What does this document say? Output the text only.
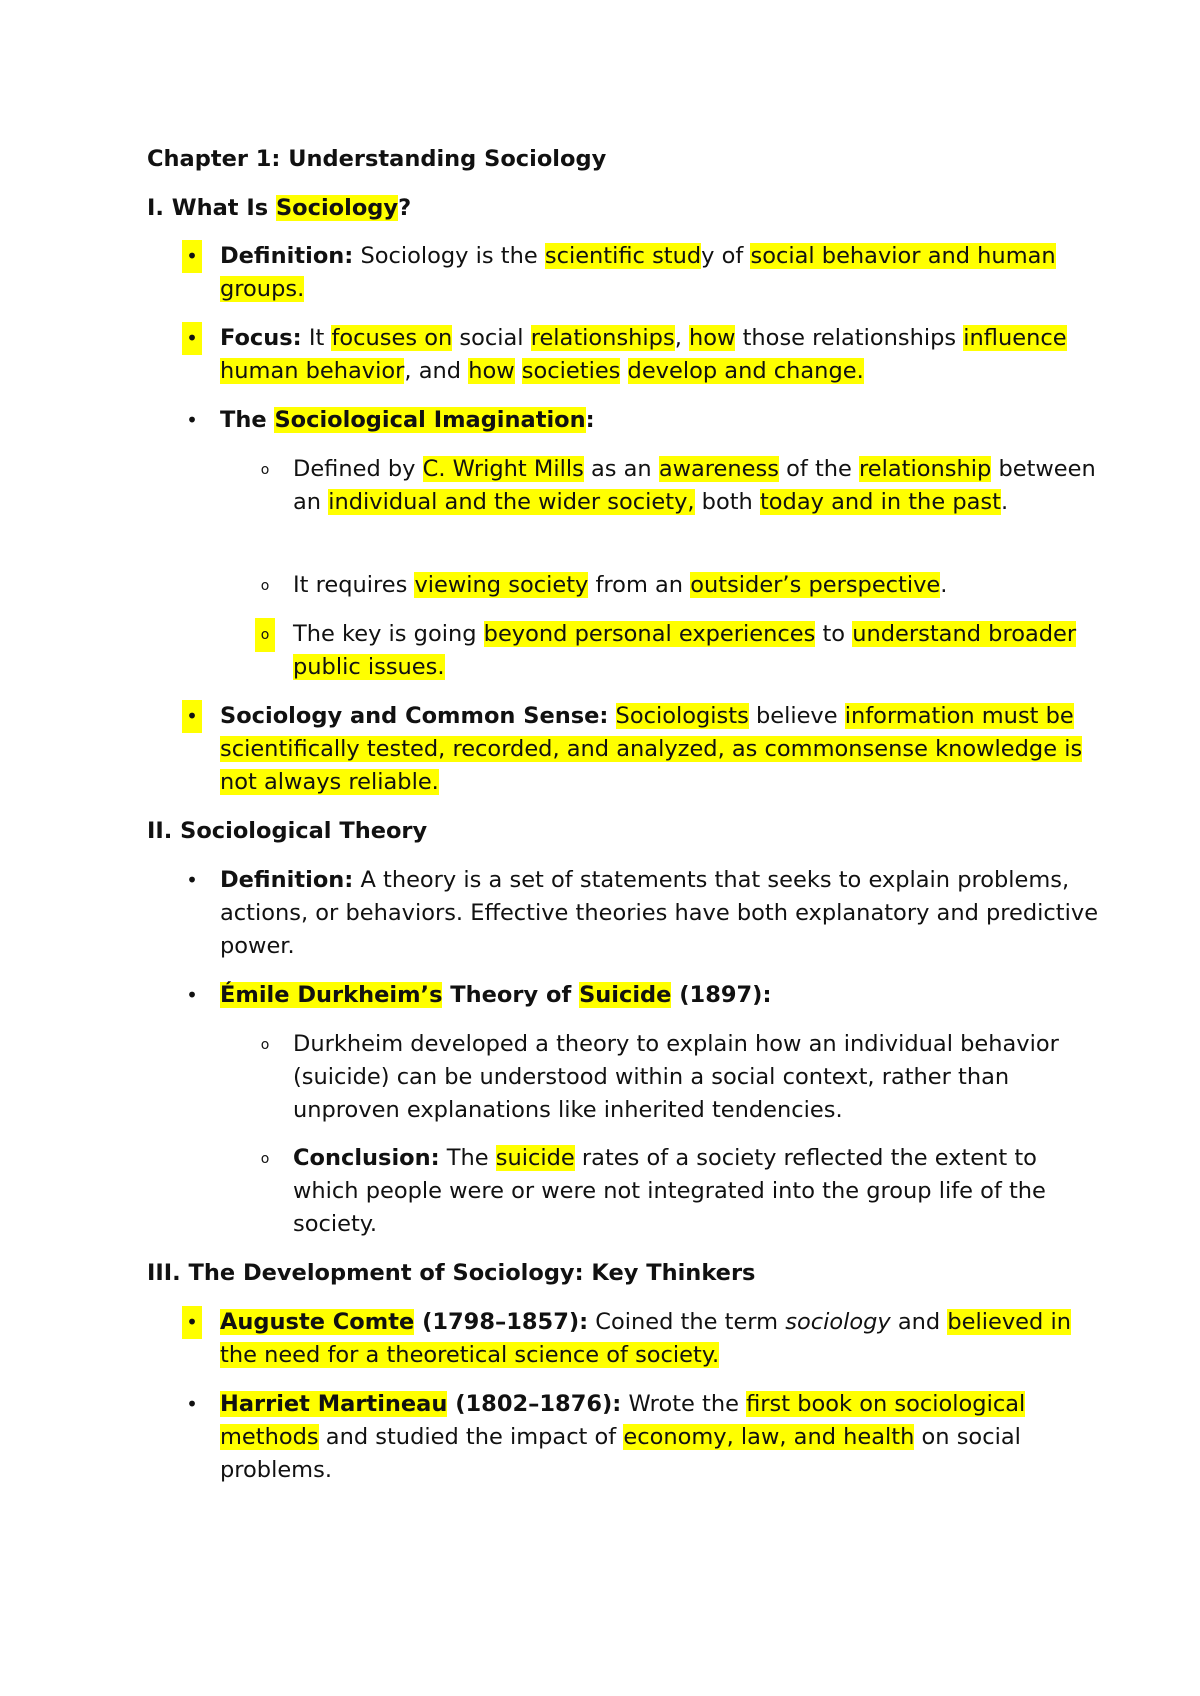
Chapter 1: Understanding Sociology

I. What Is Sociology?

• Definition: Sociology is the scientific study of social behavior and human groups.
• Focus: It focuses on social relationships, how those relationships influence human behavior, and how societies develop and change.
• The Sociological Imagination:
o Defined by C. Wright Mills as an awareness of the relationship between an individual and the wider society, both today and in the past.
o It requires viewing society from an outsider’s perspective.
o The key is going beyond personal experiences to understand broader public issues.
• Sociology and Common Sense: Sociologists believe information must be scientifically tested, recorded, and analyzed, as commonsense knowledge is not always reliable.

II. Sociological Theory

• Definition: A theory is a set of statements that seeks to explain problems, actions, or behaviors. Effective theories have both explanatory and predictive power.
• Émile Durkheim’s Theory of Suicide (1897):
o Durkheim developed a theory to explain how an individual behavior (suicide) can be understood within a social context, rather than unproven explanations like inherited tendencies.
o Conclusion: The suicide rates of a society reflected the extent to which people were or were not integrated into the group life of the society.

III. The Development of Sociology: Key Thinkers

• Auguste Comte (1798–1857): Coined the term sociology and believed in the need for a theoretical science of society.
• Harriet Martineau (1802–1876): Wrote the first book on sociological methods and studied the impact of economy, law, and health on social problems.
